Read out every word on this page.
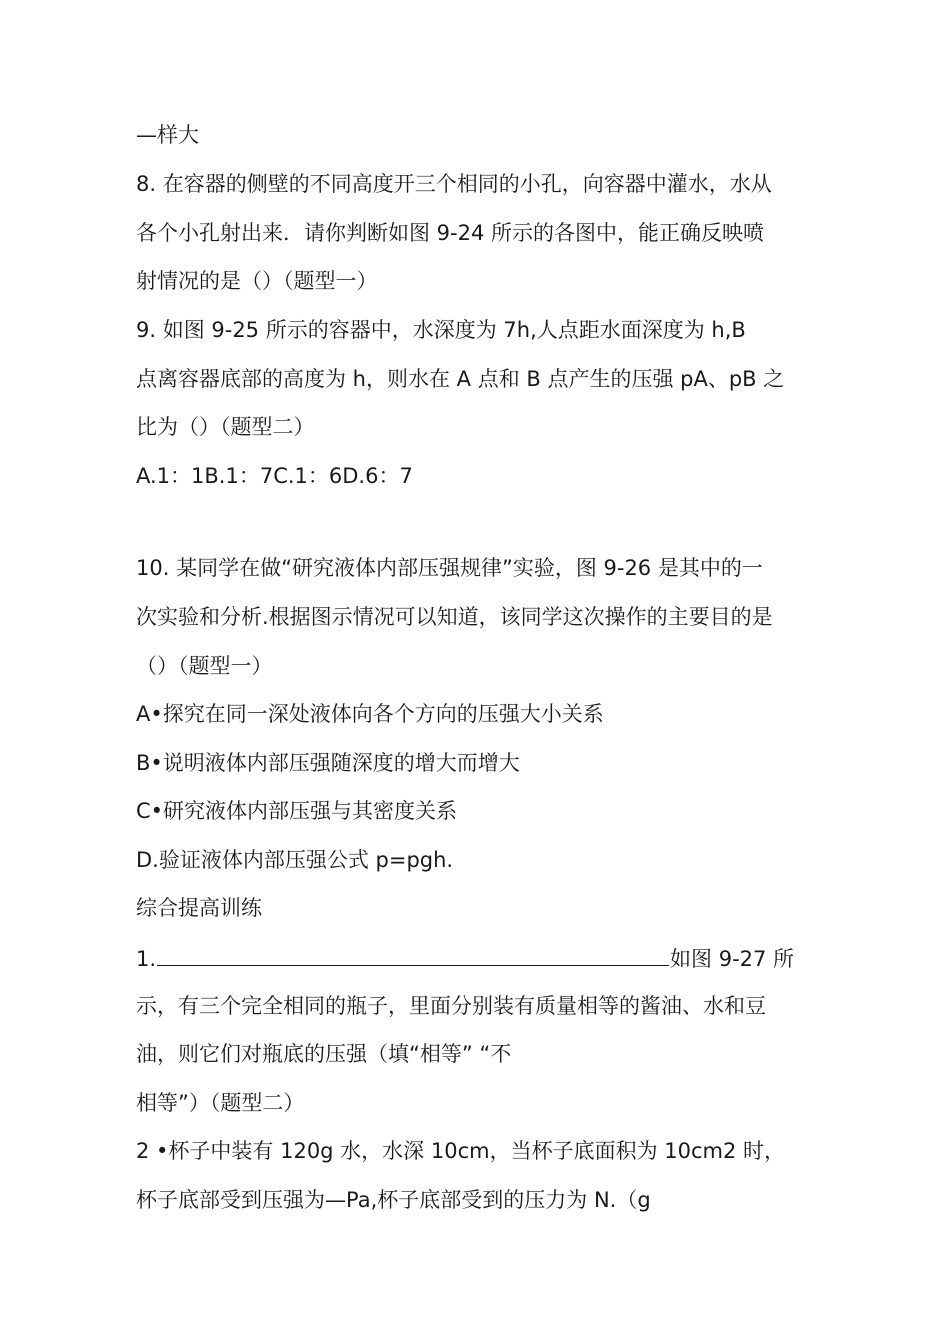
—样大
8. 在容器的侧壁的不同高度开三个相同的小孔，向容器中灌水，水从
各个小孔射出来．请你判断如图 9-24 所示的各图中，能正确反映喷
射情况的是（）（题型一）
9. 如图 9-25 所示的容器中，水深度为 7h,人点距水面深度为 h,B
点离容器底部的高度为 h，则水在 A 点和 B 点产生的压强 pA、pB 之
比为（）（题型二）
A.1：1B.1：7C.1：6D.6：7
10. 某同学在做“研究液体内部压强规律”实验，图 9-26 是其中的一
次实验和分析.根据图示情况可以知道，该同学这次操作的主要目的是
（）（题型一）
A•探究在同一深处液体向各个方向的压强大小关系
B•说明液体内部压强随深度的增大而增大
C•研究液体内部压强与其密度关系
D.验证液体内部压强公式 p=pgh.
综合提高训练
1.	如图 9-27 所
示，有三个完全相同的瓶子，里面分别装有质量相等的酱油、水和豆
油，则它们对瓶底的压强（填“相等” “不
相等”）（题型二）
2 •杯子中装有 120g 水，水深 10cm，当杯子底面积为 10cm2 时，
杯子底部受到压强为—Pa,杯子底部受到的压力为 N.（g
